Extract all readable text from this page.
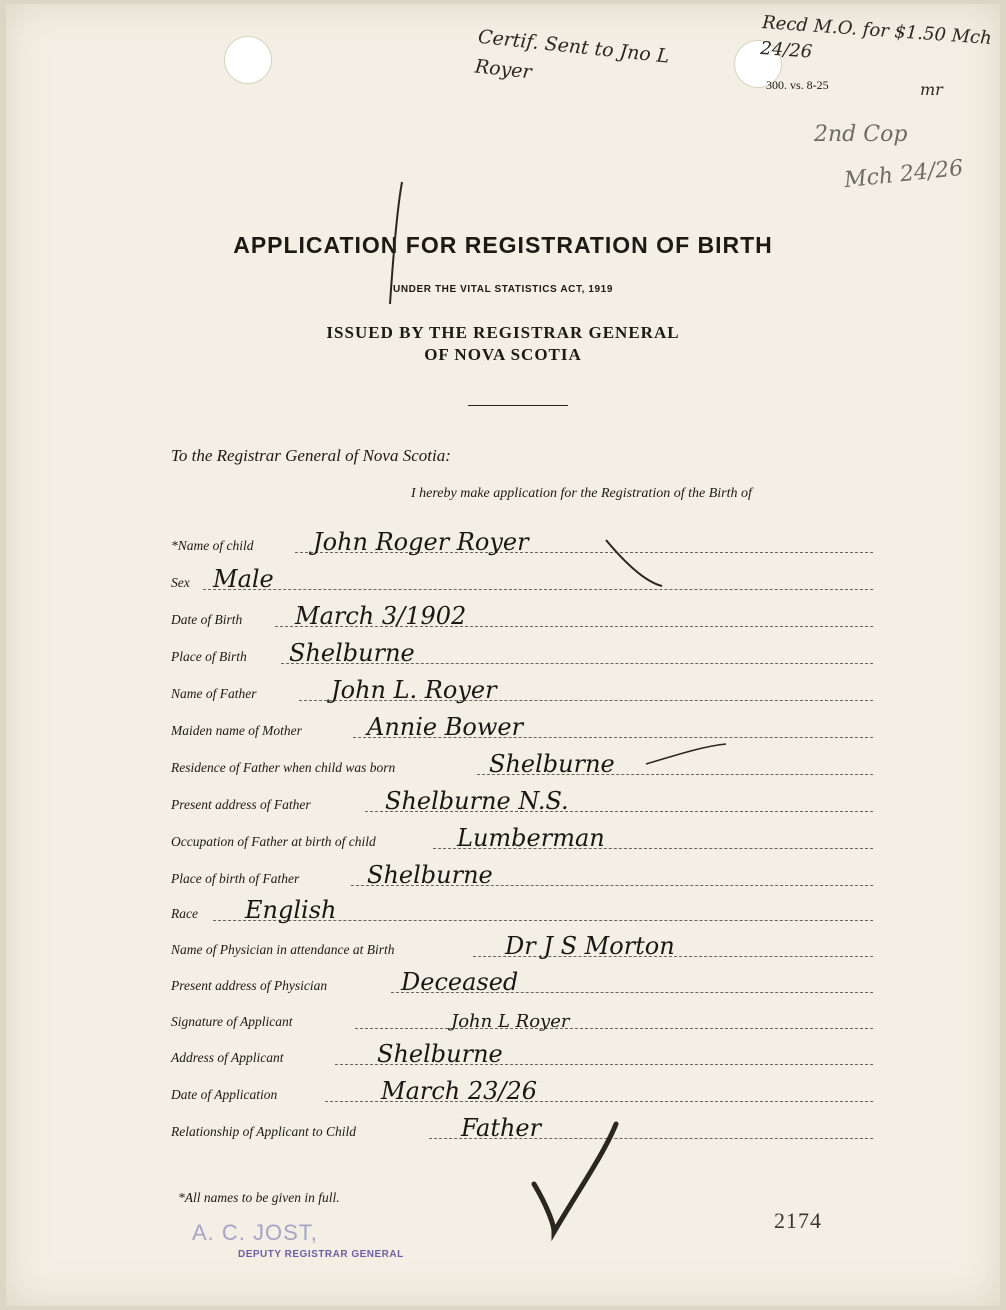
Certif. Sent to Jno L Royer
Recd M.O. for $1.50 Mch 24/26
mr
300. vs. 8-25
2nd Cop
Mch 24/26
APPLICATION FOR REGISTRATION OF BIRTH
UNDER THE VITAL STATISTICS ACT, 1919
ISSUED BY THE REGISTRAR GENERAL
OF NOVA SCOTIA
To the Registrar General of Nova Scotia:
I hereby make application for the Registration of the Birth of
*Name of child John Roger Royer
Sex Male
Date of Birth March 3/1902
Place of Birth Shelburne
Name of Father	John L. Royer
Maiden name of Mother	Annie Bower
Residence of Father when child was born	Shelburne
Present address of Father	Shelburne N.S.
Occupation of Father at birth of child	Lumberman
Place of birth of Father	Shelburne
Race English
Name of Physician in attendance at Birth	Dr J S Morton
Present address of Physician	Deceased
Signature of Applicant	John L Royer
Address of Applicant	Shelburne
Date of Application	March 23/26
Relationship of Applicant to Child	Father
*All names to be given in full.
A. C. JOST,
DEPUTY REGISTRAR GENERAL
2174
